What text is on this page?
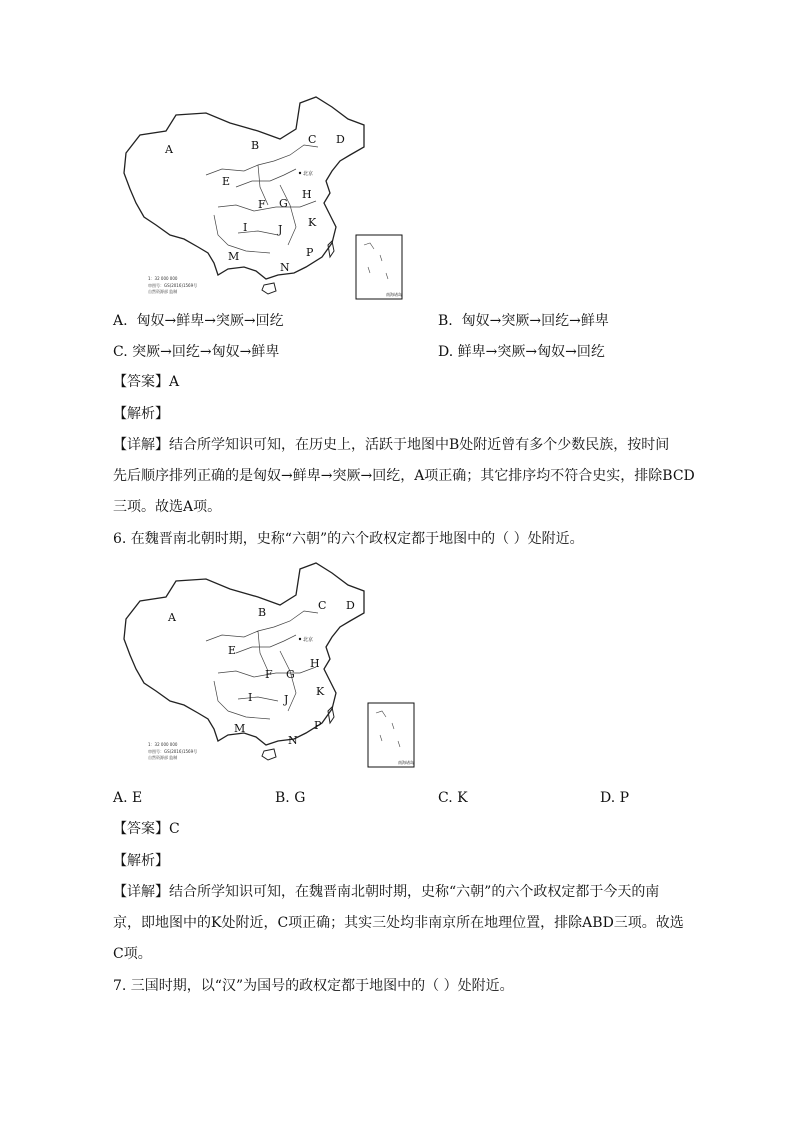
A	B	C D
E
F G
H
I	J
K
M
N
P
北京
1：32 000 000
审图号：GS(2016)1569号
自然资源部 监制
南海诸岛
A. 匈奴→鲜卑→突厥→回纥	B. 匈奴→突厥→回纥→鲜卑
C. 突厥→回纥→匈奴→鲜卑	D. 鲜卑→突厥→匈奴→回纥
【答案】A
【解析】
【详解】结合所学知识可知，在历史上，活跃于地图中B处附近曾有多个少数民族，按时间
先后顺序排列正确的是匈奴→鲜卑→突厥→回纥，A项正确；其它排序均不符合史实，排除BCD
三项。故选A项。
6. 在魏晋南北朝时期，史称“六朝”的六个政权定都于地图中的（ ）处附近。
A	B
C D
E
F G
H
I	J
K
M
N
P
北京
1：32 000 000
审图号：GS(2016)1569号
自然资源部 监制
南海诸岛
A. E	B. G	C. K	D. P
【答案】C
【解析】
【详解】结合所学知识可知，在魏晋南北朝时期，史称“六朝”的六个政权定都于今天的南
京，即地图中的K处附近，C项正确；其实三处均非南京所在地理位置，排除ABD三项。故选
C项。
7. 三国时期，以“汉”为国号的政权定都于地图中的（ ）处附近。
